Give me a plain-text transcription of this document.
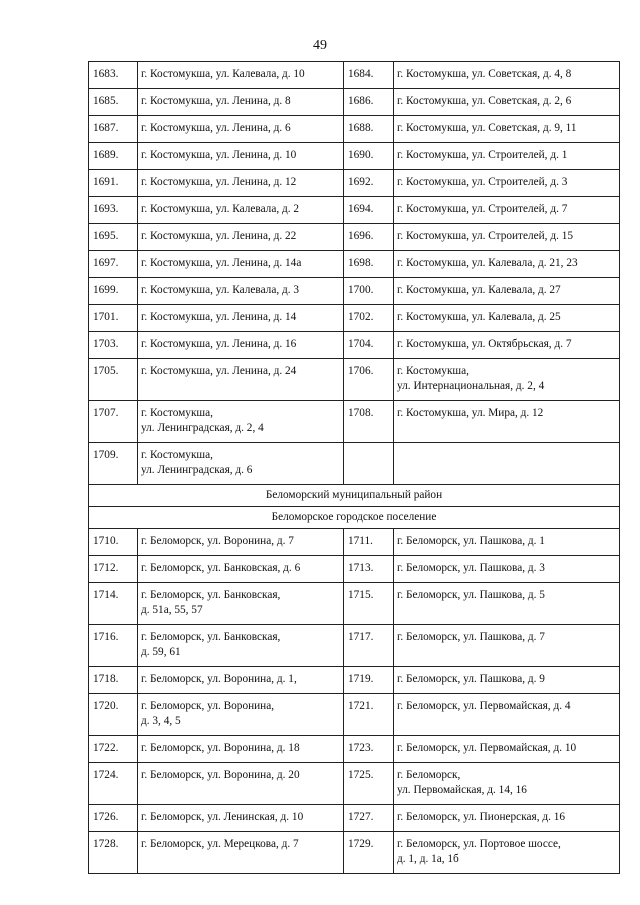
49
1683.	г. Костомукша, ул. Калевала, д. 10	1684.	г. Костомукша, ул. Советская, д. 4, 8
1685.	г. Костомукша, ул. Ленина, д. 8	1686.	г. Костомукша, ул. Советская, д. 2, 6
1687.	г. Костомукша, ул. Ленина, д. 6	1688.	г. Костомукша, ул. Советская, д. 9, 11
1689.	г. Костомукша, ул. Ленина, д. 10	1690.	г. Костомукша, ул. Строителей, д. 1
1691.	г. Костомукша, ул. Ленина, д. 12	1692.	г. Костомукша, ул. Строителей, д. 3
1693.	г. Костомукша, ул. Калевала, д. 2	1694.	г. Костомукша, ул. Строителей, д. 7
1695.	г. Костомукша, ул. Ленина, д. 22	1696.	г. Костомукша, ул. Строителей, д. 15
1697.	г. Костомукша, ул. Ленина, д. 14а	1698.	г. Костомукша, ул. Калевала, д. 21, 23
1699.	г. Костомукша, ул. Калевала, д. 3	1700.	г. Костомукша, ул. Калевала, д. 27
1701.	г. Костомукша, ул. Ленина, д. 14	1702.	г. Костомукша, ул. Калевала, д. 25
1703.	г. Костомукша, ул. Ленина, д. 16	1704.	г. Костомукша, ул. Октябрьская, д. 7
1705.	г. Костомукша, ул. Ленина, д. 24	1706.	г. Костомукша,
ул. Интернациональная, д. 2, 4
1707.	г. Костомукша,
ул. Ленинградская, д. 2, 4	1708.	г. Костомукша, ул. Мира, д. 12
1709.	г. Костомукша,
ул. Ленинградская, д. 6		
Беломорский муниципальный район			
Беломорское городское поселение			
1710.	г. Беломорск, ул. Воронина, д. 7	1711.	г. Беломорск, ул. Пашкова, д. 1
1712.	г. Беломорск, ул. Банковская, д. 6	1713.	г. Беломорск, ул. Пашкова, д. 3
1714.	г. Беломорск, ул. Банковская,
д. 51а, 55, 57	1715.	г. Беломорск, ул. Пашкова, д. 5
1716.	г. Беломорск, ул. Банковская,
д. 59, 61	1717.	г. Беломорск, ул. Пашкова, д. 7
1718.	г. Беломорск, ул. Воронина, д. 1,	1719.	г. Беломорск, ул. Пашкова, д. 9
1720.	г. Беломорск, ул. Воронина,
д. 3, 4, 5	1721.	г. Беломорск, ул. Первомайская, д. 4
1722.	г. Беломорск, ул. Воронина, д. 18	1723.	г. Беломорск, ул. Первомайская, д. 10
1724.	г. Беломорск, ул. Воронина, д. 20	1725.	г. Беломорск,
ул. Первомайская, д. 14, 16
1726.	г. Беломорск, ул. Ленинская, д. 10	1727.	г. Беломорск, ул. Пионерская, д. 16
1728.	г. Беломорск, ул. Мерецкова, д. 7	1729.	г. Беломорск, ул. Портовое шоссе,
д. 1, д. 1а, 1б
